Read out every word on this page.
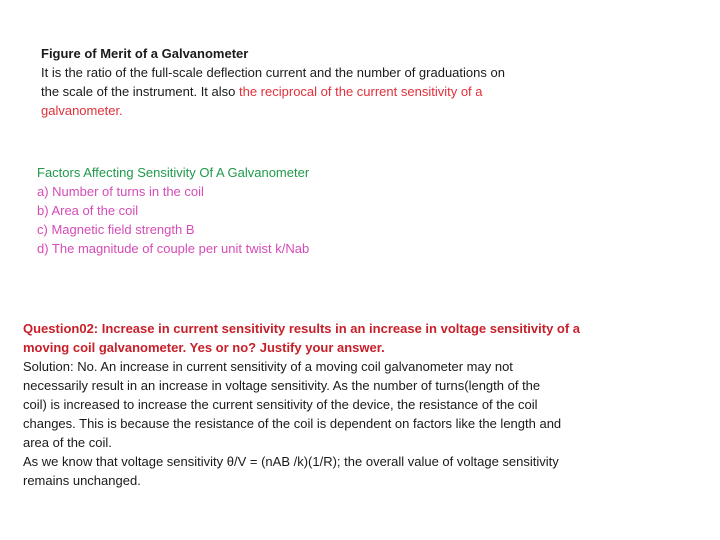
Figure of Merit of a Galvanometer

It is the ratio of the full-scale deflection current and the number of graduations on

the scale of the instrument. It also the reciprocal of the current sensitivity of a

galvanometer.

Factors Affecting Sensitivity Of A Galvanometer

a) Number of turns in the coil

b) Area of the coil

c) Magnetic field strength B

d) The magnitude of couple per unit twist k/Nab

Question02: Increase in current sensitivity results in an increase in voltage sensitivity of a

moving coil galvanometer. Yes or no? Justify your answer.

Solution: No. An increase in current sensitivity of a moving coil galvanometer may not

necessarily result in an increase in voltage sensitivity. As the number of turns(length of the

coil) is increased to increase the current sensitivity of the device, the resistance of the coil

changes. This is because the resistance of the coil is dependent on factors like the length and

area of the coil.

As we know that voltage sensitivity θ/V = (nAB /k)(1/R); the overall value of voltage sensitivity

remains unchanged.
